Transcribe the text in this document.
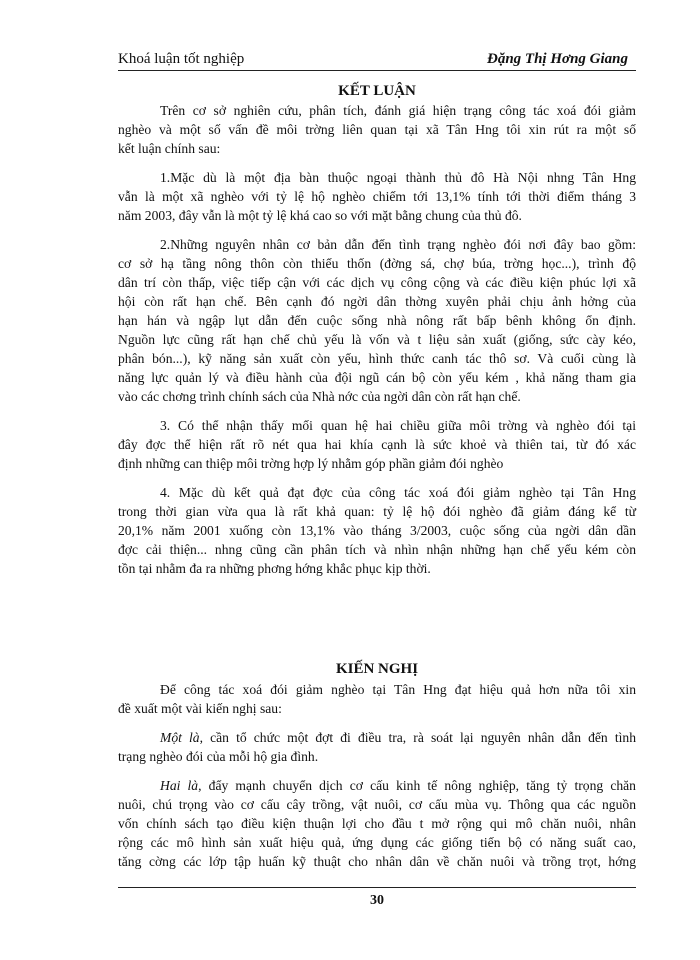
Khoá luận tốt nghiệp	Đặng Thị Hơng Giang
KẾT LUẬN
Trên cơ sở nghiên cứu, phân tích, đánh giá hiện trạng công tác xoá đói giảm
nghèo và một số vấn đề môi trờng liên quan tại xã Tân Hng tôi xin rút ra một số
kết luận chính sau:
1.Mặc dù là một địa bàn thuộc ngoại thành thủ đô Hà Nội nhng Tân Hng
vẫn là một xã nghèo với tỷ lệ hộ nghèo chiếm tới 13,1% tính tới thời điểm tháng 3
năm 2003, đây vẫn là một tỷ lệ khá cao so với mặt bằng chung của thủ đô.
2.Những nguyên nhân cơ bản dẫn đến tình trạng nghèo đói nơi đây bao gồm:
cơ sở hạ tầng nông thôn còn thiếu thốn (đờng sá, chợ búa, trờng học...), trình độ
dân trí còn thấp, việc tiếp cận với các dịch vụ công cộng và các điều kiện phúc lợi xã
hội còn rất hạn chế. Bên cạnh đó ngời dân thờng xuyên phải chịu ảnh hởng của
hạn hán và ngập lụt dẫn đến cuộc sống nhà nông rất bấp bênh không ổn định.
Nguồn lực cũng rất hạn chế chủ yếu là vốn và t liệu sản xuất (giống, sức cày kéo,
phân bón...), kỹ năng sản xuất còn yếu, hình thức canh tác thô sơ. Và cuối cùng là
năng lực quản lý và điều hành của đội ngũ cán bộ còn yếu kém , khả năng tham gia
vào các chơng trình chính sách của Nhà nớc của ngời dân còn rất hạn chế.
3. Có thể nhận thấy mối quan hệ hai chiều giữa môi trờng và nghèo đói tại
đây đợc thể hiện rất rõ nét qua hai khía cạnh là sức khoẻ và thiên tai, từ đó xác
định những can thiệp môi trờng hợp lý nhằm góp phần giảm đói nghèo
4. Mặc dù kết quả đạt đợc của công tác xoá đói giảm nghèo tại Tân Hng
trong thời gian vừa qua là rất khả quan: tỷ lệ hộ đói nghèo đã giảm đáng kể từ
20,1% năm 2001 xuống còn 13,1% vào tháng 3/2003, cuộc sống của ngời dân dần
đợc cải thiện... nhng cũng cần phân tích và nhìn nhận những hạn chế yếu kém còn
tồn tại nhằm đa ra những phơng hớng khắc phục kịp thời.
KIẾN NGHỊ
Để công tác xoá đói giảm nghèo tại Tân Hng đạt hiệu quả hơn nữa tôi xin
đề xuất một vài kiến nghị sau:
Một là, cần tổ chức một đợt đi điều tra, rà soát lại nguyên nhân dẫn đến tình
trạng nghèo đói của mỗi hộ gia đình.
Hai là, đẩy mạnh chuyển dịch cơ cấu kinh tế nông nghiệp, tăng tỷ trọng chăn
nuôi, chú trọng vào cơ cấu cây trồng, vật nuôi, cơ cấu mùa vụ. Thông qua các nguồn
vốn chính sách tạo điều kiện thuận lợi cho đầu t mở rộng qui mô chăn nuôi, nhân
rộng các mô hình sản xuất hiệu quả, ứng dụng các giống tiến bộ có năng suất cao,
tăng cờng các lớp tập huấn kỹ thuật cho nhân dân về chăn nuôi và trồng trọt, hớng
30
